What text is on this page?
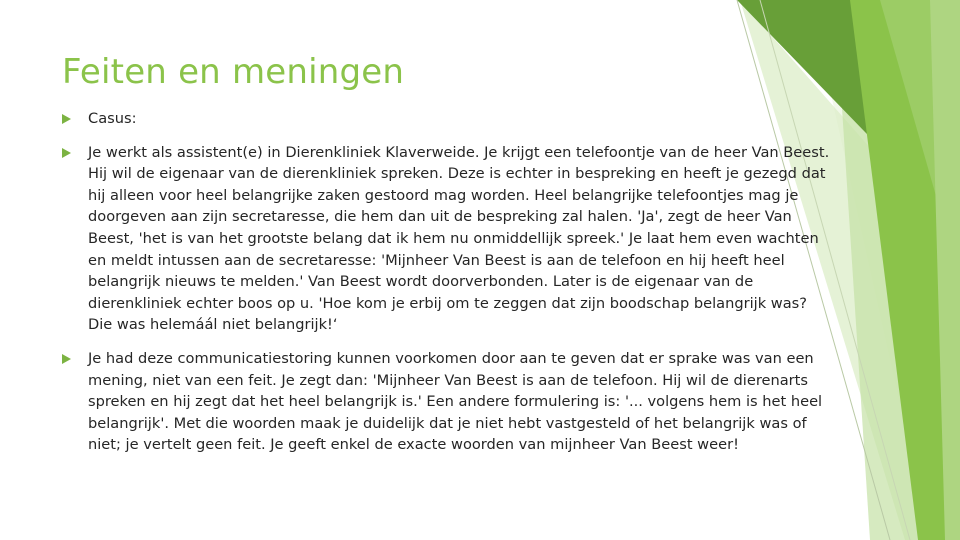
Feiten en meningen
Casus:
Je werkt als assistent(e) in Dierenkliniek Klaverweide. Je krijgt een telefoontje van de heer Van Beest. Hij wil de eigenaar van de dierenkliniek spreken. Deze is echter in bespreking en heeft je gezegd dat hij alleen voor heel belangrijke zaken gestoord mag worden. Heel belangrijke telefoontjes mag je doorgeven aan zijn secretaresse, die hem dan uit de bespreking zal halen. 'Ja', zegt de heer Van Beest, 'het is van het grootste belang dat ik hem nu onmiddellijk spreek.' Je laat hem even wachten en meldt intussen aan de secretaresse: 'Mijnheer Van Beest is aan de telefoon en hij heeft heel belangrijk nieuws te melden.' Van Beest wordt doorverbonden. Later is de eigenaar van de dierenkliniek echter boos op u. 'Hoe kom je erbij om te zeggen dat zijn boodschap belangrijk was? Die was helemáál niet belangrijk!‘
Je had deze communicatiestoring kunnen voorkomen door aan te geven dat er sprake was van een mening, niet van een feit. Je zegt dan: 'Mijnheer Van Beest is aan de telefoon. Hij wil de dierenarts spreken en hij zegt dat het heel belangrijk is.' Een andere formulering is: '... volgens hem is het heel belangrijk'. Met die woorden maak je duidelijk dat je niet hebt vastgesteld of het belangrijk was of niet; je vertelt geen feit. Je geeft enkel de exacte woorden van mijnheer Van Beest weer!
